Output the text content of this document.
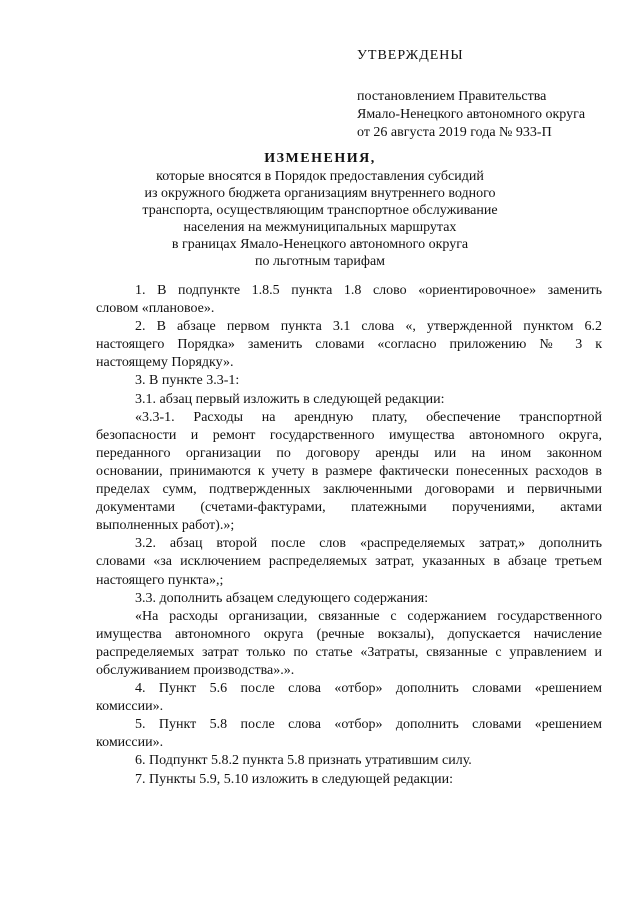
УТВЕРЖДЕНЫ
постановлением Правительства
Ямало-Ненецкого автономного округа
от 26 августа 2019 года № 933-П
ИЗМЕНЕНИЯ,
которые вносятся в Порядок предоставления субсидий
из окружного бюджета организациям внутреннего водного
транспорта, осуществляющим транспортное обслуживание
населения на межмуниципальных маршрутах
в границах Ямало-Ненецкого автономного округа
по льготным тарифам
1. В подпункте 1.8.5 пункта 1.8 слово «ориентировочное» заменить
словом «плановое».
2. В абзаце первом пункта 3.1 слова «, утвержденной пунктом 6.2
настоящего Порядка» заменить словами «согласно приложению № 3 к
настоящему Порядку».
3. В пункте 3.3-1:
3.1. абзац первый изложить в следующей редакции:
«3.3-1. Расходы на арендную плату, обеспечение транспортной
безопасности и ремонт государственного имущества автономного округа,
переданного организации по договору аренды или на ином законном
основании, принимаются к учету в размере фактически понесенных расходов в
пределах сумм, подтвержденных заключенными договорами и первичными
документами (счетами-фактурами, платежными поручениями, актами
выполненных работ).»;
3.2. абзац второй после слов «распределяемых затрат,» дополнить
словами «за исключением распределяемых затрат, указанных в абзаце третьем
настоящего пункта»,;
3.3. дополнить абзацем следующего содержания:
«На расходы организации, связанные с содержанием государственного
имущества автономного округа (речные вокзалы), допускается начисление
распределяемых затрат только по статье «Затраты, связанные с управлением и
обслуживанием производства».».
4. Пункт 5.6 после слова «отбор» дополнить словами «решением
комиссии».
5. Пункт 5.8 после слова «отбор» дополнить словами «решением
комиссии».
6. Подпункт 5.8.2 пункта 5.8 признать утратившим силу.
7. Пункты 5.9, 5.10 изложить в следующей редакции:
